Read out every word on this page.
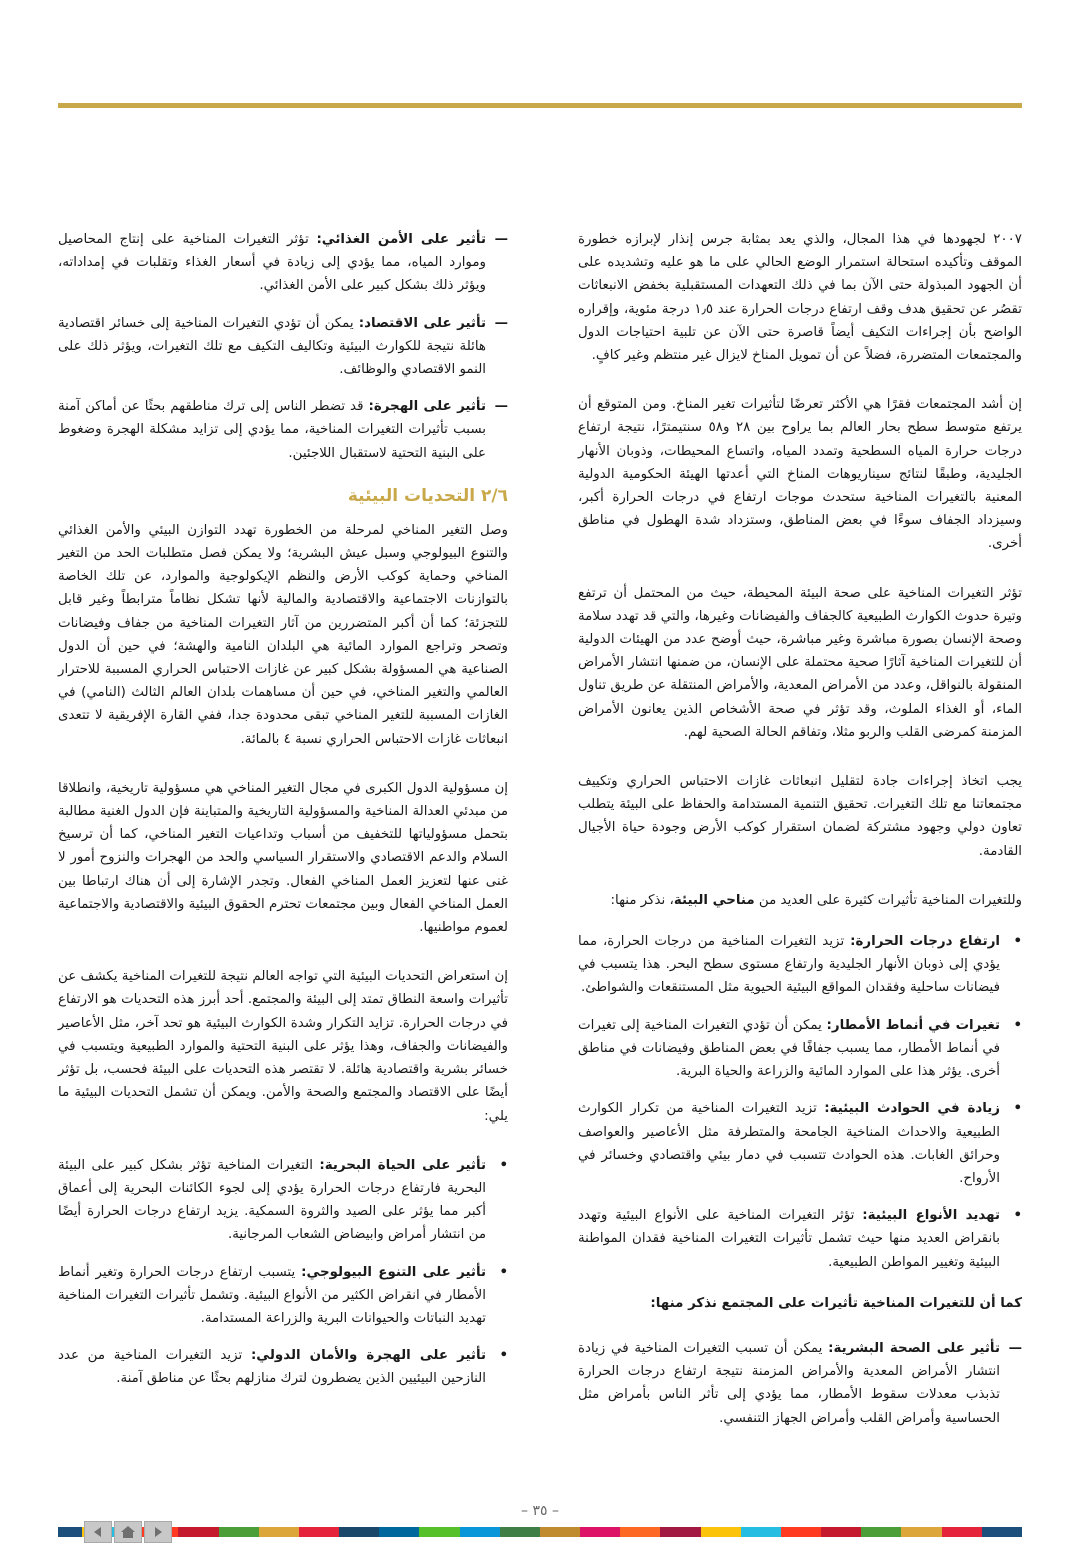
٢٠٠٧ لجهودها في هذا المجال، والذي يعد بمثابة جرس إنذار لإبرازه خطورة الموقف وتأكيده استحالة استمرار الوضع الحالي على ما هو عليه وتشديده على أن الجهود المبذولة حتى الآن بما في ذلك التعهدات المستقبلية بخفض الانبعاثات تقصُر عن تحقيق هدف وقف ارتفاع درجات الحرارة عند ١٫٥ درجة مئوية، وإقراره الواضح بأن إجراءات التكيف أيضاً قاصرة حتى الآن عن تلبية احتياجات الدول والمجتمعات المتضررة، فضلاً عن أن تمويل المناخ لايزال غير منتظم وغير كافٍ.

إن أشد المجتمعات فقرًا هي الأكثر تعرضًا لتأثيرات تغير المناخ. ومن المتوقع أن يرتفع متوسط سطح بحار العالم بما يراوح بين ٢٨ و٥٨ سنتيمترًا، نتيجة ارتفاع درجات حرارة المياه السطحية وتمدد المياه، واتساع المحيطات، وذوبان الأنهار الجليدية، وطبقًا لنتائج سيناريوهات المناخ التي أعدتها الهيئة الحكومية الدولية المعنية بالتغيرات المناخية ستحدث موجات ارتفاع في درجات الحرارة أكبر، وسيزداد الجفاف سوءًا في بعض المناطق، وستزداد شدة الهطول في مناطق أخرى.

تؤثر التغيرات المناخية على صحة البيئة المحيطة، حيث من المحتمل أن ترتفع وتيرة حدوث الكوارث الطبيعية كالجفاف والفيضانات وغيرها، والتي قد تهدد سلامة وصحة الإنسان بصورة مباشرة وغير مباشرة، حيث أوضح عدد من الهيئات الدولية أن للتغيرات المناخية آثارًا صحية محتملة على الإنسان، من ضمنها انتشار الأمراض المنقولة بالنواقل، وعدد من الأمراض المعدية، والأمراض المنتقلة عن طريق تناول الماء، أو الغذاء الملوث، وقد تؤثر في صحة الأشخاص الذين يعانون الأمراض المزمنة كمرضى القلب والربو مثلا، وتفاقم الحالة الصحية لهم.

يجب اتخاذ إجراءات جادة لتقليل انبعاثات غازات الاحتباس الحراري وتكييف مجتمعاتنا مع تلك التغيرات. تحقيق التنمية المستدامة والحفاظ على البيئة يتطلب تعاون دولي وجهود مشتركة لضمان استقرار كوكب الأرض وجودة حياة الأجيال القادمة.

وللتغيرات المناخية تأثيرات كثيرة على العديد من مناحي البيئة، نذكر منها:

•
ارتفاع درجات الحرارة: تزيد التغيرات المناخية من درجات الحرارة، مما يؤدي إلى ذوبان الأنهار الجليدية وارتفاع مستوى سطح البحر. هذا يتسبب في فيضانات ساحلية وفقدان المواقع البيئية الحيوية مثل المستنقعات والشواطئ.
•
تغيرات في أنماط الأمطار: يمكن أن تؤدي التغيرات المناخية إلى تغيرات في أنماط الأمطار، مما يسبب جفافًا في بعض المناطق وفيضانات في مناطق أخرى. يؤثر هذا على الموارد المائية والزراعة والحياة البرية.
•
زيادة في الحوادث البيئية: تزيد التغيرات المناخية من تكرار الكوارث الطبيعية والاحداث المناخية الجامحة والمتطرفة مثل الأعاصير والعواصف وحرائق الغابات. هذه الحوادث تتسبب في دمار بيئي واقتصادي وخسائر في الأرواح.
•
تهديد الأنواع البيئية: تؤثر التغيرات المناخية على الأنواع البيئية وتهدد بانقراض العديد منها حيث تشمل تأثيرات التغيرات المناخية فقدان المواطنة البيئية وتغيير المواطن الطبيعية.

كما أن للتغيرات المناخية تأثيرات على المجتمع نذكر منها:

—
تأثير على الصحة البشرية: يمكن أن تسبب التغيرات المناخية في زيادة انتشار الأمراض المعدية والأمراض المزمنة نتيجة ارتفاع درجات الحرارة تذبذب معدلات سقوط الأمطار، مما يؤدي إلى تأثر الناس بأمراض مثل الحساسية وأمراض القلب وأمراض الجهاز التنفسي.
—
تأثير على الأمن الغذائي: تؤثر التغيرات المناخية على إنتاج المحاصيل وموارد المياه، مما يؤدي إلى زيادة في أسعار الغذاء وتقلبات في إمداداته، ويؤثر ذلك بشكل كبير على الأمن الغذائي.
—
تأثير على الاقتصاد: يمكن أن تؤدي التغيرات المناخية إلى خسائر اقتصادية هائلة نتيجة للكوارث البيئية وتكاليف التكيف مع تلك التغيرات، ويؤثر ذلك على النمو الاقتصادي والوظائف.
—
تأثير على الهجرة: قد تضطر الناس إلى ترك مناطقهم بحثًا عن أماكن آمنة بسبب تأثيرات التغيرات المناخية، مما يؤدي إلى تزايد مشكلة الهجرة وضغوط على البنية التحتية لاستقبال اللاجئين.
٢/٦ التحديات البيئية

وصل التغير المناخي لمرحلة من الخطورة تهدد التوازن البيئي والأمن الغذائي والتنوع البيولوجي وسبل عيش البشرية؛ ولا يمكن فصل متطلبات الحد من التغير المناخي وحماية كوكب الأرض والنظم الإيكولوجية والموارد، عن تلك الخاصة بالتوازنات الاجتماعية والاقتصادية والمالية لأنها تشكل نظاماً مترابطاً وغير قابل للتجزئة؛ كما أن أكبر المتضررين من آثار التغيرات المناخية من جفاف وفيضانات وتصحر وتراجع الموارد المائية هي البلدان النامية والهشة؛ في حين أن الدول الصناعية هي المسؤولة بشكل كبير عن غازات الاحتباس الحراري المسببة للاحترار العالمي والتغير المناخي، في حين أن مساهمات بلدان العالم الثالث (النامي) في الغازات المسببة للتغير المناخي تبقى محدودة جدا، ففي القارة الإفريقية لا تتعدى انبعاثات غازات الاحتباس الحراري نسبة ٤ بالمائة.

إن مسؤولية الدول الكبرى في مجال التغير المناخي هي مسؤولية تاريخية، وانطلاقا من مبدئي العدالة المناخية والمسؤولية التاريخية والمتباينة فإن الدول الغنية مطالبة بتحمل مسؤولياتها للتخفيف من أسباب وتداعيات التغير المناخي، كما أن ترسيخ السلام والدعم الاقتصادي والاستقرار السياسي والحد من الهجرات والنزوح أمور لا غنى عنها لتعزيز العمل المناخي الفعال. وتجدر الإشارة إلى أن هناك ارتباطا بين العمل المناخي الفعال وبين مجتمعات تحترم الحقوق البيئية والاقتصادية والاجتماعية لعموم مواطنيها.

إن استعراض التحديات البيئية التي تواجه العالم نتيجة للتغيرات المناخية يكشف عن تأثيرات واسعة النطاق تمتد إلى البيئة والمجتمع. أحد أبرز هذه التحديات هو الارتفاع في درجات الحرارة. تزايد التكرار وشدة الكوارث البيئية هو تحد آخر، مثل الأعاصير والفيضانات والجفاف، وهذا يؤثر على البنية التحتية والموارد الطبيعية ويتسبب في خسائر بشرية واقتصادية هائلة. لا تقتصر هذه التحديات على البيئة فحسب، بل تؤثر أيضًا على الاقتصاد والمجتمع والصحة والأمن. ويمكن أن تشمل التحديات البيئية ما يلي:

•
تأثير على الحياة البحرية: التغيرات المناخية تؤثر بشكل كبير على البيئة البحرية فارتفاع درجات الحرارة يؤدي إلى لجوء الكائنات البحرية إلى أعماق أكبر مما يؤثر على الصيد والثروة السمكية. يزيد ارتفاع درجات الحرارة أيضًا من انتشار أمراض وابيضاض الشعاب المرجانية.
•
تأثير على التنوع البيولوجي: يتسبب ارتفاع درجات الحرارة وتغير أنماط الأمطار في انقراض الكثير من الأنواع البيئية. وتشمل تأثيرات التغيرات المناخية تهديد النباتات والحيوانات البرية والزراعة المستدامة.
•
تأثير على الهجرة والأمان الدولي: تزيد التغيرات المناخية من عدد النازحين البيئيين الذين يضطرون لترك منازلهم بحثًا عن مناطق آمنة.
– ٣٥ –
